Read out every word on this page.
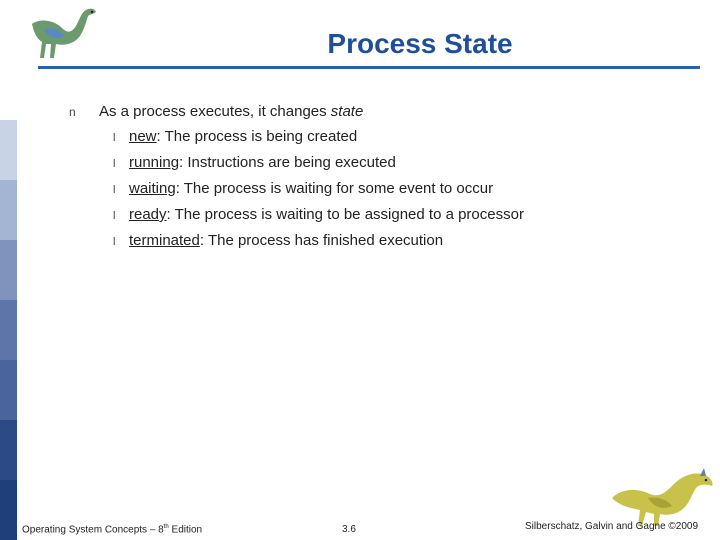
Process State
n As a process executes, it changes state
l new: The process is being created
l running: Instructions are being executed
l waiting: The process is waiting for some event to occur
l ready: The process is waiting to be assigned to a processor
l terminated: The process has finished execution
Operating System Concepts – 8th Edition	3.6	Silberschatz, Galvin and Gagne ©2009
